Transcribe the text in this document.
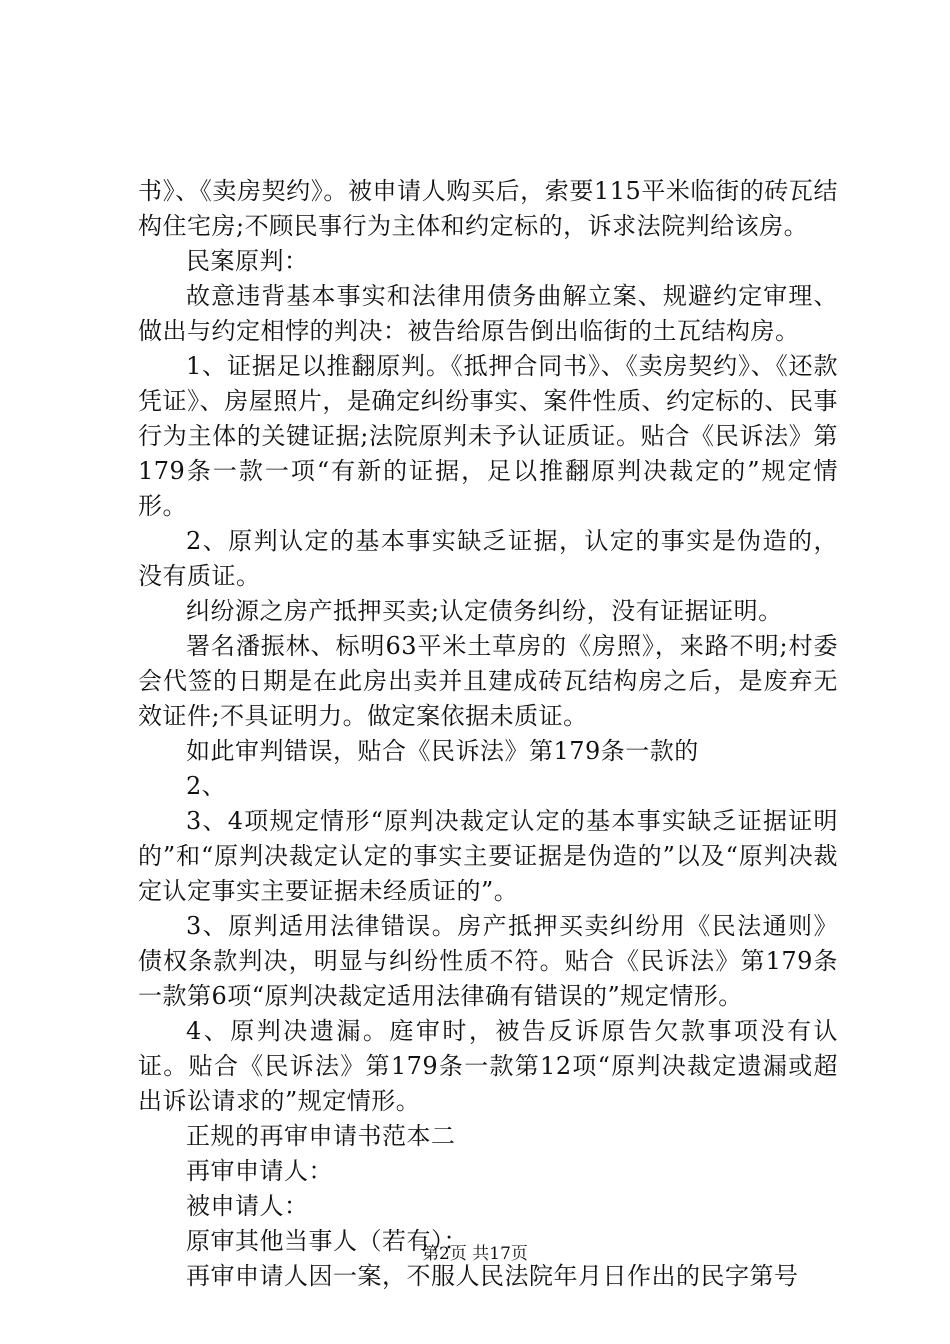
书》、《卖房契约》。被申请人购买后，索要115平米临街的砖瓦结构住宅房;不顾民事行为主体和约定标的，诉求法院判给该房。

民案原判：

故意违背基本事实和法律用债务曲解立案、规避约定审理、做出与约定相悖的判决：被告给原告倒出临街的土瓦结构房。

1、证据足以推翻原判。《抵押合同书》、《卖房契约》、《还款凭证》、房屋照片，是确定纠纷事实、案件性质、约定标的、民事行为主体的关键证据;法院原判未予认证质证。贴合《民诉法》第179条一款一项“有新的证据，足以推翻原判决裁定的”规定情形。

2、原判认定的基本事实缺乏证据，认定的事实是伪造的，没有质证。

纠纷源之房产抵押买卖;认定债务纠纷，没有证据证明。

署名潘振林、标明63平米土草房的《房照》，来路不明;村委会代签的日期是在此房出卖并且建成砖瓦结构房之后，是废弃无效证件;不具证明力。做定案依据未质证。

如此审判错误，贴合《民诉法》第179条一款的

2、

3、4项规定情形“原判决裁定认定的基本事实缺乏证据证明的”和“原判决裁定认定的事实主要证据是伪造的”以及“原判决裁定认定事实主要证据未经质证的”。

3、原判适用法律错误。房产抵押买卖纠纷用《民法通则》债权条款判决，明显与纠纷性质不符。贴合《民诉法》第179条一款第6项“原判决裁定适用法律确有错误的”规定情形。

4、原判决遗漏。庭审时，被告反诉原告欠款事项没有认证。贴合《民诉法》第179条一款第12项“原判决裁定遗漏或超出诉讼请求的”规定情形。

正规的再审申请书范本二

再审申请人：

被申请人：

原审其他当事人（若有）：

再审申请人因一案，不服人民法院年月日作出的民字第号

第2页 共17页
